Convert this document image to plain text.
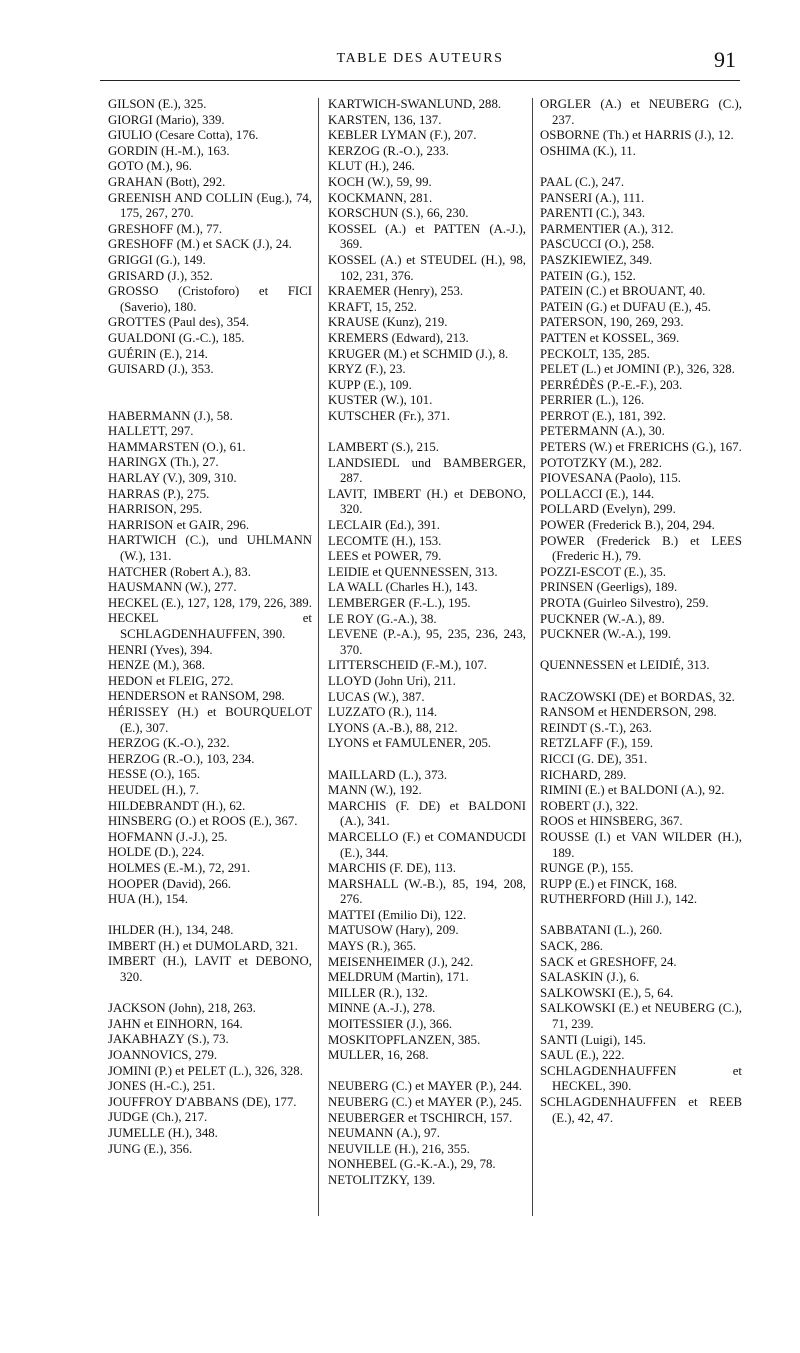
TABLE DES AUTEURS	91
GILSON (E.), 325.
GIORGI (Mario), 339.
GIULIO (Cesare Cotta), 176.
GORDIN (H.-M.), 163.
GOTO (M.), 96.
GRAHAN (Bott), 292.
GREENISH AND COLLIN (Eug.), 74, 175, 267, 270.
GRESHOFF (M.), 77.
GRESHOFF (M.) et SACK (J.), 24.
GRIGGI (G.), 149.
GRISARD (J.), 352.
GROSSO (Cristoforo) et FICI (Saverio), 180.
GROTTES (Paul des), 354.
GUALDONI (G.-C.), 185.
GUÉRIN (E.), 214.
GUISARD (J.), 353.
HABERMANN (J.), 58.
HALLETT, 297.
HAMMARSTEN (O.), 61.
HARINGX (Th.), 27.
HARLAY (V.), 309, 310.
HARRAS (P.), 275.
HARRISON, 295.
HARRISON et GAIR, 296.
HARTWICH (C.), und UHLMANN (W.), 131.
HATCHER (Robert A.), 83.
HAUSMANN (W.), 277.
HECKEL (E.), 127, 128, 179, 226, 389.
HECKEL et SCHLAGDENHAUFFEN, 390.
HENRI (Yves), 394.
HENZE (M.), 368.
HEDON et FLEIG, 272.
HENDERSON et RANSOM, 298.
HÉRISSEY (H.) et BOURQUELOT (E.), 307.
HERZOG (K.-O.), 232.
HERZOG (R.-O.), 103, 234.
HESSE (O.), 165.
HEUDEL (H.), 7.
HILDEBRANDT (H.), 62.
HINSBERG (O.) et ROOS (E.), 367.
HOFMANN (J.-J.), 25.
HOLDE (D.), 224.
HOLMES (E.-M.), 72, 291.
HOOPER (David), 266.
HUA (H.), 154.
IHLDER (H.), 134, 248.
IMBERT (H.) et DUMOLARD, 321.
IMBERT (H.), LAVIT et DEBONO, 320.
JACKSON (John), 218, 263.
JAHN et EINHORN, 164.
JAKABHAZY (S.), 73.
JOANNOVICS, 279.
JOMINI (P.) et PELET (L.), 326, 328.
JONES (H.-C.), 251.
JOUFFROY D'ABBANS (DE), 177.
JUDGE (Ch.), 217.
JUMELLE (H.), 348.
JUNG (E.), 356.
KARTWICH-SWANLUND, 288.
KARSTEN, 136, 137.
KEBLER LYMAN (F.), 207.
KERZOG (R.-O.), 233.
KLUT (H.), 246.
KOCH (W.), 59, 99.
KOCKMANN, 281.
KORSCHUN (S.), 66, 230.
KOSSEL (A.) et PATTEN (A.-J.), 369.
KOSSEL (A.) et STEUDEL (H.), 98, 102, 231, 376.
KRAEMER (Henry), 253.
KRAFT, 15, 252.
KRAUSE (Kunz), 219.
KREMERS (Edward), 213.
KRUGER (M.) et SCHMID (J.), 8.
KRYZ (F.), 23.
KUPP (E.), 109.
KUSTER (W.), 101.
KUTSCHER (Fr.), 371.
LAMBERT (S.), 215.
LANDSIEDL und BAMBERGER, 287.
LAVIT, IMBERT (H.) et DEBONO, 320.
LECLAIR (Ed.), 391.
LECOMTE (H.), 153.
LEES et POWER, 79.
LEIDIE et QUENNESSEN, 313.
LA WALL (Charles H.), 143.
LEMBERGER (F.-L.), 195.
LE ROY (G.-A.), 38.
LEVENE (P.-A.), 95, 235, 236, 243, 370.
LITTERSCHEID (F.-M.), 107.
LLOYD (John Uri), 211.
LUCAS (W.), 387.
LUZZATO (R.), 114.
LYONS (A.-B.), 88, 212.
LYONS et FAMULENER, 205.
MAILLARD (L.), 373.
MANN (W.), 192.
MARCHIS (F. DE) et BALDONI (A.), 341.
MARCELLO (F.) et COMANDUCDI (E.), 344.
MARCHIS (F. DE), 113.
MARSHALL (W.-B.), 85, 194, 208, 276.
MATTEI (Emilio Di), 122.
MATUSOW (Hary), 209.
MAYS (R.), 365.
MEISENHEIMER (J.), 242.
MELDRUM (Martin), 171.
MILLER (R.), 132.
MINNE (A.-J.), 278.
MOITESSIER (J.), 366.
MOSKITOPFLANZEN, 385.
MULLER, 16, 268.
NEUBERG (C.) et MAYER (P.), 244.
NEUBERG (C.) et MAYER (P.), 245.
NEUBERGER et TSCHIRCH, 157.
NEUMANN (A.), 97.
NEUVILLE (H.), 216, 355.
NONHEBEL (G.-K.-A.), 29, 78.
NETOLITZKY, 139.
ORGLER (A.) et NEUBERG (C.), 237.
OSBORNE (Th.) et HARRIS (J.), 12.
OSHIMA (K.), 11.
PAAL (C.), 247.
PANSERI (A.), 111.
PARENTI (C.), 343.
PARMENTIER (A.), 312.
PASCUCCI (O.), 258.
PASZKIEWIEZ, 349.
PATEIN (G.), 152.
PATEIN (C.) et BROUANT, 40.
PATEIN (G.) et DUFAU (E.), 45.
PATERSON, 190, 269, 293.
PATTEN et KOSSEL, 369.
PECKOLT, 135, 285.
PELET (L.) et JOMINI (P.), 326, 328.
PERRÉDÈS (P.-E.-F.), 203.
PERRIER (L.), 126.
PERROT (E.), 181, 392.
PETERMANN (A.), 30.
PETERS (W.) et FRERICHS (G.), 167.
POTOTZKY (M.), 282.
PIOVESANA (Paolo), 115.
POLLACCI (E.), 144.
POLLARD (Evelyn), 299.
POWER (Frederick B.), 204, 294.
POWER (Frederick B.) et LEES (Frederic H.), 79.
POZZI-ESCOT (E.), 35.
PRINSEN (Geerligs), 189.
PROTA (Guirleo Silvestro), 259.
PUCKNER (W.-A.), 89.
PUCKNER (W.-A.), 199.
QUENNESSEN et LEIDIÉ, 313.
RACZOWSKI (DE) et BORDAS, 32.
RANSOM et HENDERSON, 298.
REINDT (S.-T.), 263.
RETZLAFF (F.), 159.
RICCI (G. DE), 351.
RICHARD, 289.
RIMINI (E.) et BALDONI (A.), 92.
ROBERT (J.), 322.
ROOS et HINSBERG, 367.
ROUSSE (I.) et VAN WILDER (H.), 189.
RUNGE (P.), 155.
RUPP (E.) et FINCK, 168.
RUTHERFORD (Hill J.), 142.
SABBATANI (L.), 260.
SACK, 286.
SACK et GRESHOFF, 24.
SALASKIN (J.), 6.
SALKOWSKI (E.), 5, 64.
SALKOWSKI (E.) et NEUBERG (C.), 71, 239.
SANTI (Luigi), 145.
SAUL (E.), 222.
SCHLAGDENHAUFFEN et HECKEL, 390.
SCHLAGDENHAUFFEN et REEB (E.), 42, 47.
